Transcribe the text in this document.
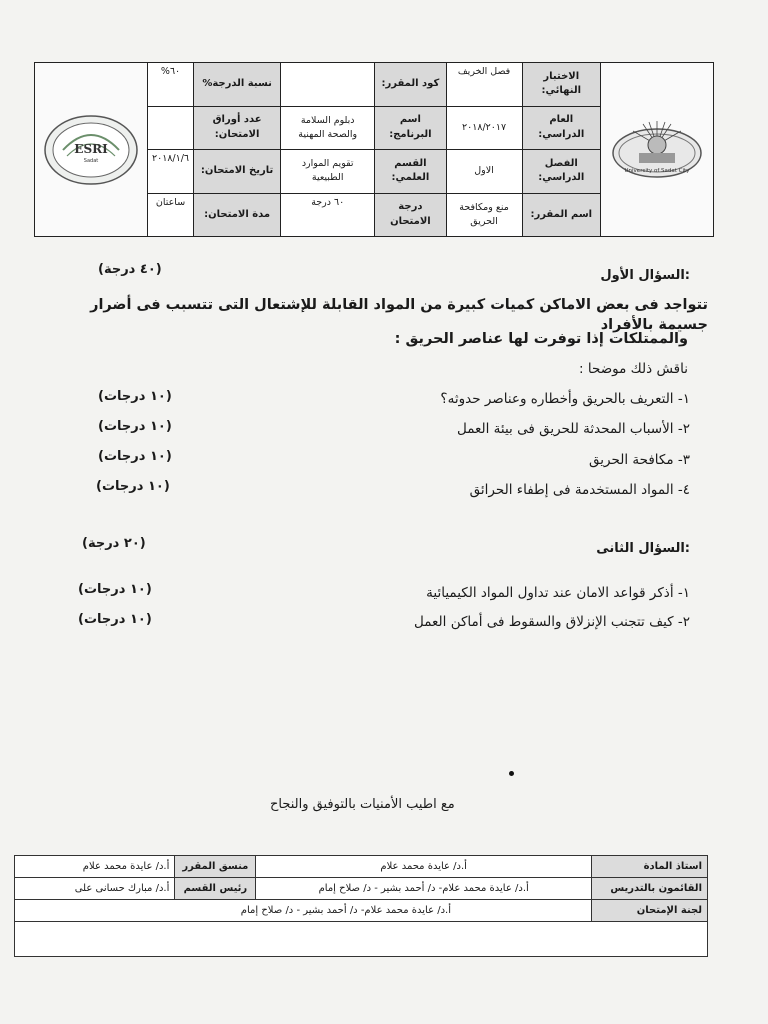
University of Sadat City	الاختبار النهائي:	فصل الخريف	كود المقرر:		نسبة الدرجة%	٦٠%	ESRI
Sadat

	العام الدراسي:	٢٠١٨/٢٠١٧	اسم البرنامج:	دبلوم السلامة والصحة المهنية	عدد أوراق الامتحان:		
	الفصل الدراسي:	الاول	القسم العلمي:	تقويم الموارد الطبيعية	تاريخ الامتحان:	٢٠١٨/١/٦	
	اسم المقرر:	منع ومكافحة الحريق	درجة الامتحان	٦٠ درجة	مدة الامتحان:	ساعتان	
السؤال الأول:
(٤٠ درجة)
تتواجد فى بعض الاماكن كميات كبيرة من المواد القابلة للإشتعال التى تتسبب فى أضرار جسيمة بالأفراد
والممتلكات إذا توفرت لها عناصر الحريق :
ناقش ذلك موضحا :
١- التعريف بالحريق وأخطاره وعناصر حدوثه؟
(١٠ درجات)
٢- الأسباب المحدثة للحريق فى بيئة العمل
(١٠ درجات)
٣- مكافحة الحريق
(١٠ درجات)
٤- المواد المستخدمة فى إطفاء الحرائق
(١٠ درجات)
السؤال الثانى:
(٢٠ درجة)
١- أذكر قواعد الامان عند تداول المواد الكيميائية
(١٠ درجات)
٢- كيف تتجنب الإنزلاق والسقوط فى أماكن العمل
(١٠ درجات)
مع اطيب الأمنيات بالتوفيق والنجاح
استاذ المادة	أ.د/ عايدة محمد علام	منسق المقرر	أ.د/ عايدة محمد علام
القائمون بالتدريس	أ.د/ عايدة محمد علام- د/ أحمد بشير - د/ صلاح إمام	رئيس القسم	أ.د/ مبارك حسانى على
لجنة الإمتحان	أ.د/ عايدة محمد علام- د/ أحمد بشير - د/ صلاح إمام		
